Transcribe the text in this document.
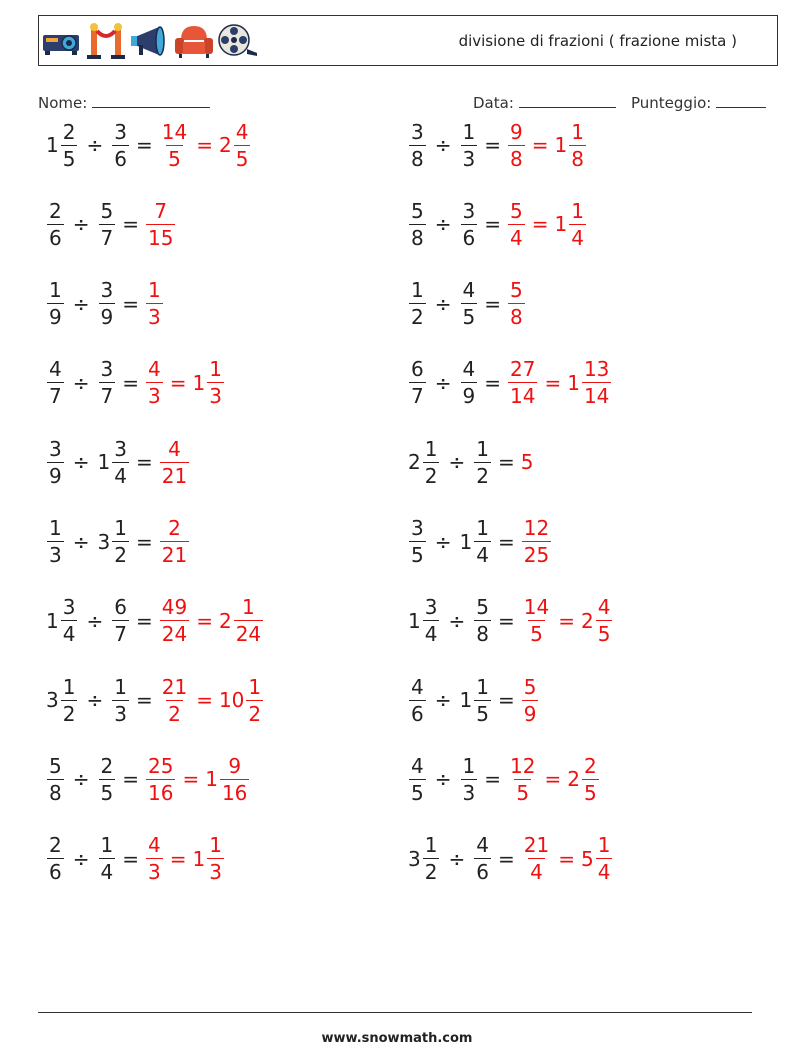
divisione di frazioni ( frazione mista )
Nome:	Data:	Punteggio:
$1 \frac{2}{5} \div \frac{3}{6} = \frac{14}{5} = 2 \frac{4}{5}$	$\frac{3}{8} \div \frac{1}{3} = \frac{9}{8} = 1 \frac{1}{8}$
$\frac{2}{6} \div \frac{5}{7} = \frac{7}{15}$	$\frac{5}{8} \div \frac{3}{6} = \frac{5}{4} = 1 \frac{1}{4}$
$\frac{1}{9} \div \frac{3}{9} = \frac{1}{3}$	$\frac{1}{2} \div \frac{4}{5} = \frac{5}{8}$
$\frac{4}{7} \div \frac{3}{7} = \frac{4}{3} = 1 \frac{1}{3}$	$\frac{6}{7} \div \frac{4}{9} = \frac{27}{14} = 1 \frac{13}{14}$
$\frac{3}{9} \div 1 \frac{3}{4} = \frac{4}{21}$	$2 \frac{1}{2} \div \frac{1}{2} = 5$
$\frac{1}{3} \div 3 \frac{1}{2} = \frac{2}{21}$	$\frac{3}{5} \div 1 \frac{1}{4} = \frac{12}{25}$
$1 \frac{3}{4} \div \frac{6}{7} = \frac{49}{24} = 2 \frac{1}{24}$	$1 \frac{3}{4} \div \frac{5}{8} = \frac{14}{5} = 2 \frac{4}{5}$
$3 \frac{1}{2} \div \frac{1}{3} = \frac{21}{2} = 10 \frac{1}{2}$	$\frac{4}{6} \div 1 \frac{1}{5} = \frac{5}{9}$
$\frac{5}{8} \div \frac{2}{5} = \frac{25}{16} = 1 \frac{9}{16}$	$\frac{4}{5} \div \frac{1}{3} = \frac{12}{5} = 2 \frac{2}{5}$
$\frac{2}{6} \div \frac{1}{4} = \frac{4}{3} = 1 \frac{1}{3}$	$3 \frac{1}{2} \div \frac{4}{6} = \frac{21}{4} = 5 \frac{1}{4}$
www.snowmath.com
